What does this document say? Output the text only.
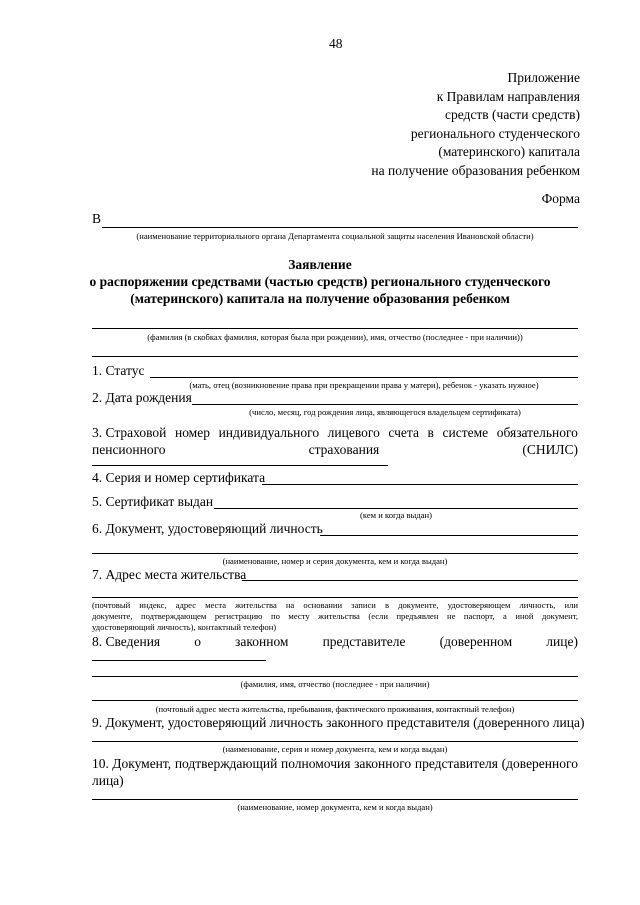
48
Приложение
к Правилам направления
средств (части средств)
регионального студенческого
(материнского) капитала
на получение образования ребенком
Форма
В
(наименование территориального органа Департамента социальной защиты населения Ивановской области)
Заявление
о распоряжении средствами (частью средств) регионального студенческого
(материнского) капитала на получение образования ребенком
(фамилия (в скобках фамилия, которая была при рождении), имя, отчество (последнее - при наличии))
1. Статус
(мать, отец (возникновение права при прекращении права у матери), ребенок - указать нужное)
2. Дата рождения
(число, месяц, год рождения лица, являющегося владельцем сертификата)
3. Страховой номер индивидуального лицевого счета в системе обязательного
пенсионного	страхования	(СНИЛС)
4. Серия и номер сертификата
5. Сертификат выдан
(кем и когда выдан)
6. Документ, удостоверяющий личность
(наименование, номер и серия документа, кем и когда выдан)
7. Адрес места жительства
(почтовый индекс, адрес места жительства на основании записи в документе, удостоверяющем личность, или
документе, подтверждающем регистрацию по месту жительства (если предъявлен не паспорт, а иной документ,
удостоверяющий личность), контактный телефон)
8. Сведения	о	законном	представителе	(доверенном	лице)
(фамилия, имя, отчество (последнее - при наличии)
(почтовый адрес места жительства, пребывания, фактического проживания, контактный телефон)
9. Документ, удостоверяющий личность законного представителя (доверенного лица)
(наименование, серия и номер документа, кем и когда выдан)
10. Документ, подтверждающий полномочия законного представителя (доверенного
лица)
(наименование, номер документа, кем и когда выдан)
